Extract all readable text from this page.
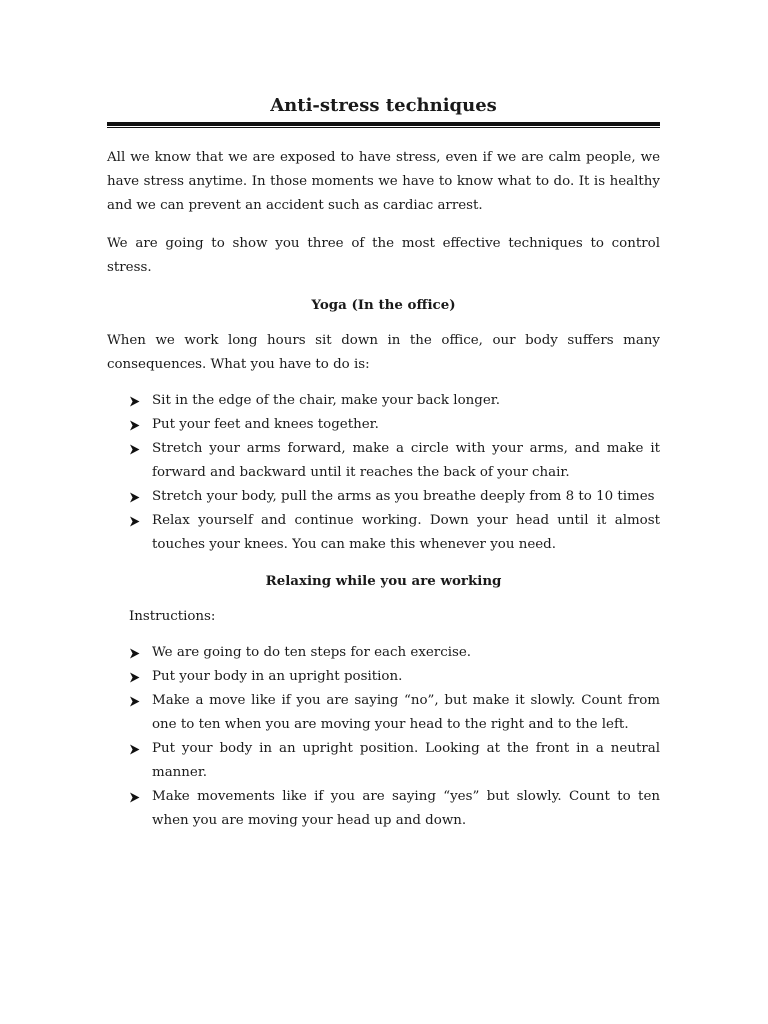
Anti-stress techniques

All we know that we are exposed to have stress, even if we are calm people, we have stress anytime. In those moments we have to know what to do. It is healthy and we can prevent an accident such as cardiac arrest.

We are going to show you three of the most effective techniques to control stress.

Yoga (In the office)

When we work long hours sit down in the office, our body suffers many consequences. What you have to do is:

Sit in the edge of the chair, make your back longer.
Put your feet and knees together.
Stretch your arms forward, make a circle with your arms, and make it forward and backward until it reaches the back of your chair.
Stretch your body, pull the arms as you breathe deeply from 8 to 10 times
Relax yourself and continue working. Down your head until it almost touches your knees. You can make this whenever you need.
Relaxing while you are working

Instructions:

We are going to do ten steps for each exercise.
Put your body in an upright position.
Make a move like if you are saying “no”, but make it slowly. Count from one to ten when you are moving your head to the right and to the left.
Put your body in an upright position. Looking at the front in a neutral manner.
Make movements like if you are saying “yes” but slowly. Count to ten when you are moving your head up and down.
